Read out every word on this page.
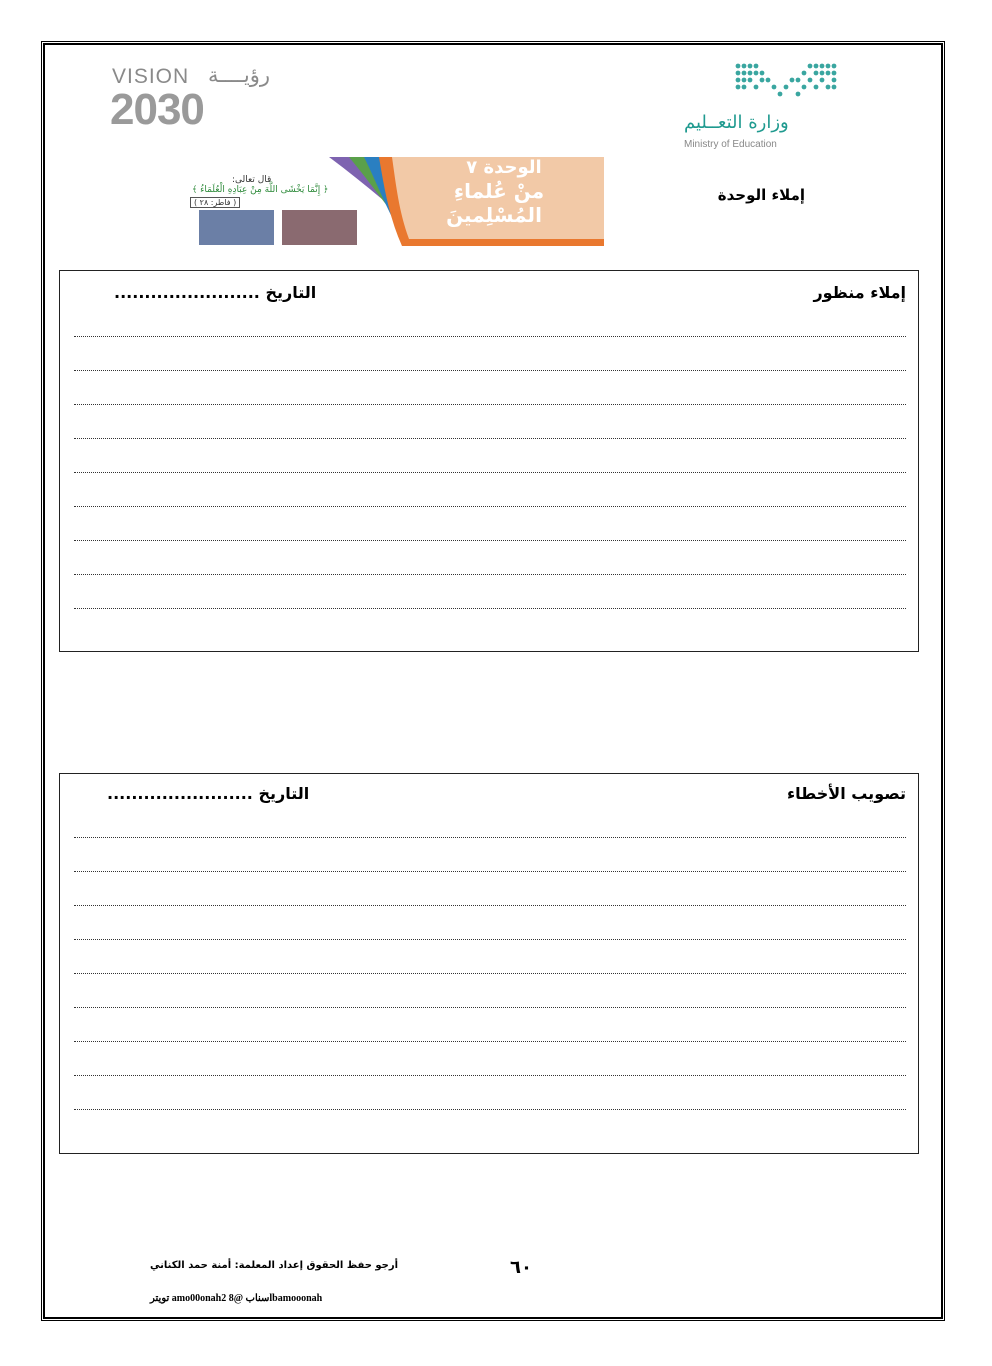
VISION رؤيــــة
2030	وزارة التعــليم
Ministry of Education
الوحدة ٧
منْ عُلماءِ
المُسْلِمينَ
قال تعالى:
﴿ إِنَّمَا يَخْشَى اللَّهَ مِنْ عِبَادِهِ الْعُلَمَاءُ ﴾
( فاطر: ٢٨ )	إملاء الوحدة
إملاء منظور
التاريخ ........................
تصويب الأخطاء
التاريخ ........................
٦٠
أرجو حفظ الحقوق إعداد المعلمة: أمنة حمد الكناني
تويتر amo00onah2 سناب @8lbamooonah
